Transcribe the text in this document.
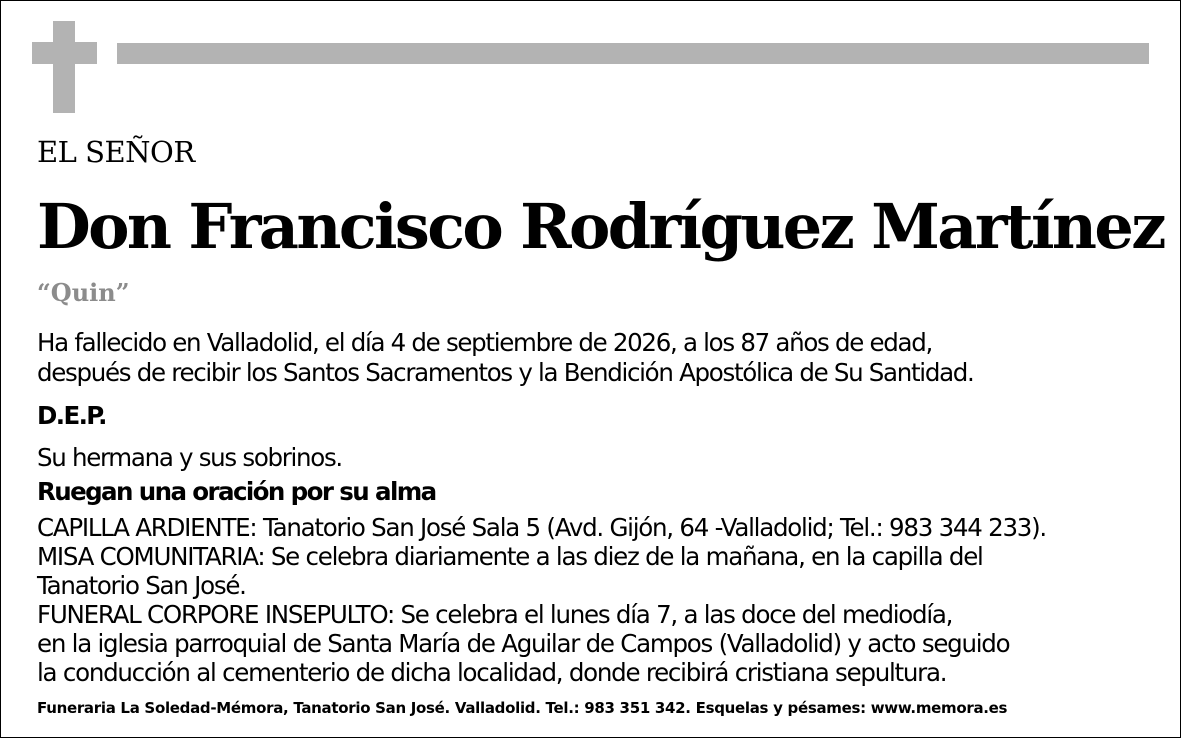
EL SEÑOR

Don Francisco Rodríguez Martínez

“Quin”

Ha fallecido en Valladolid, el día 4 de septiembre de 2026, a los 87 años de edad,

después de recibir los Santos Sacramentos y la Bendición Apostólica de Su Santidad.

D.E.P.

Su hermana y sus sobrinos.

Ruegan una oración por su alma

CAPILLA ARDIENTE: Tanatorio San José Sala 5 (Avd. Gijón, 64 -Valladolid; Tel.: 983 344 233).

MISA COMUNITARIA: Se celebra diariamente a las diez de la mañana, en la capilla del

Tanatorio San José.

FUNERAL CORPORE INSEPULTO: Se celebra el lunes día 7, a las doce del mediodía,

en la iglesia parroquial de Santa María de Aguilar de Campos (Valladolid) y acto seguido

la conducción al cementerio de dicha localidad, donde recibirá cristiana sepultura.

Funeraria La Soledad-Mémora, Tanatorio San José. Valladolid. Tel.: 983 351 342. Esquelas y pésames: www.memora.es
